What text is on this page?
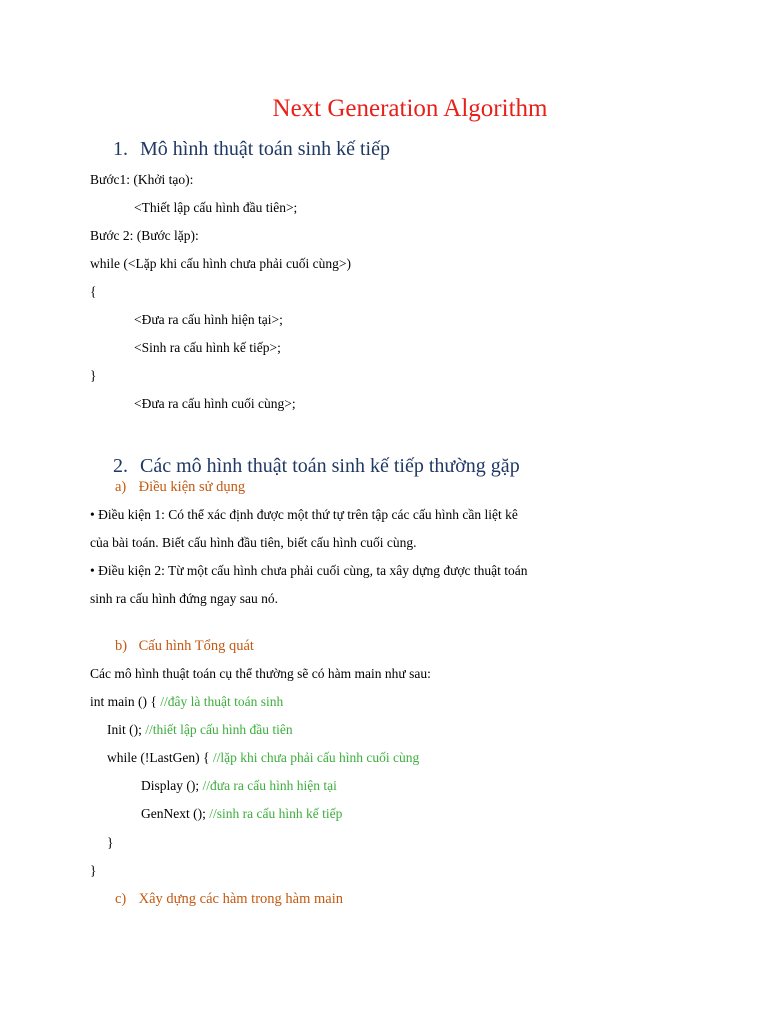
Next Generation Algorithm
1. Mô hình thuật toán sinh kế tiếp
Bước1: (Khởi tạo):
<Thiết lập cấu hình đầu tiên>;
Bước 2: (Bước lặp):
while (<Lặp khi cấu hình chưa phải cuối cùng>)
{
<Đưa ra cấu hình hiện tại>;
<Sinh ra cấu hình kế tiếp>;
}
<Đưa ra cấu hình cuối cùng>;
2. Các mô hình thuật toán sinh kế tiếp thường gặp
a) Điều kiện sử dụng
• Điều kiện 1: Có thể xác định được một thứ tự trên tập các cấu hình cần liệt kê
của bài toán. Biết cấu hình đầu tiên, biết cấu hình cuối cùng.
• Điều kiện 2: Từ một cấu hình chưa phải cuối cùng, ta xây dựng được thuật toán
sinh ra cấu hình đứng ngay sau nó.
b) Cấu hình Tổng quát
Các mô hình thuật toán cụ thể thường sẽ có hàm main như sau:
int main () { //đây là thuật toán sinh
Init (); //thiết lập cấu hình đầu tiên
while (!LastGen) { //lặp khi chưa phải cấu hình cuối cùng
Display (); //đưa ra cấu hình hiện tại
GenNext (); //sinh ra cấu hình kế tiếp
}
}
c) Xây dựng các hàm trong hàm main
